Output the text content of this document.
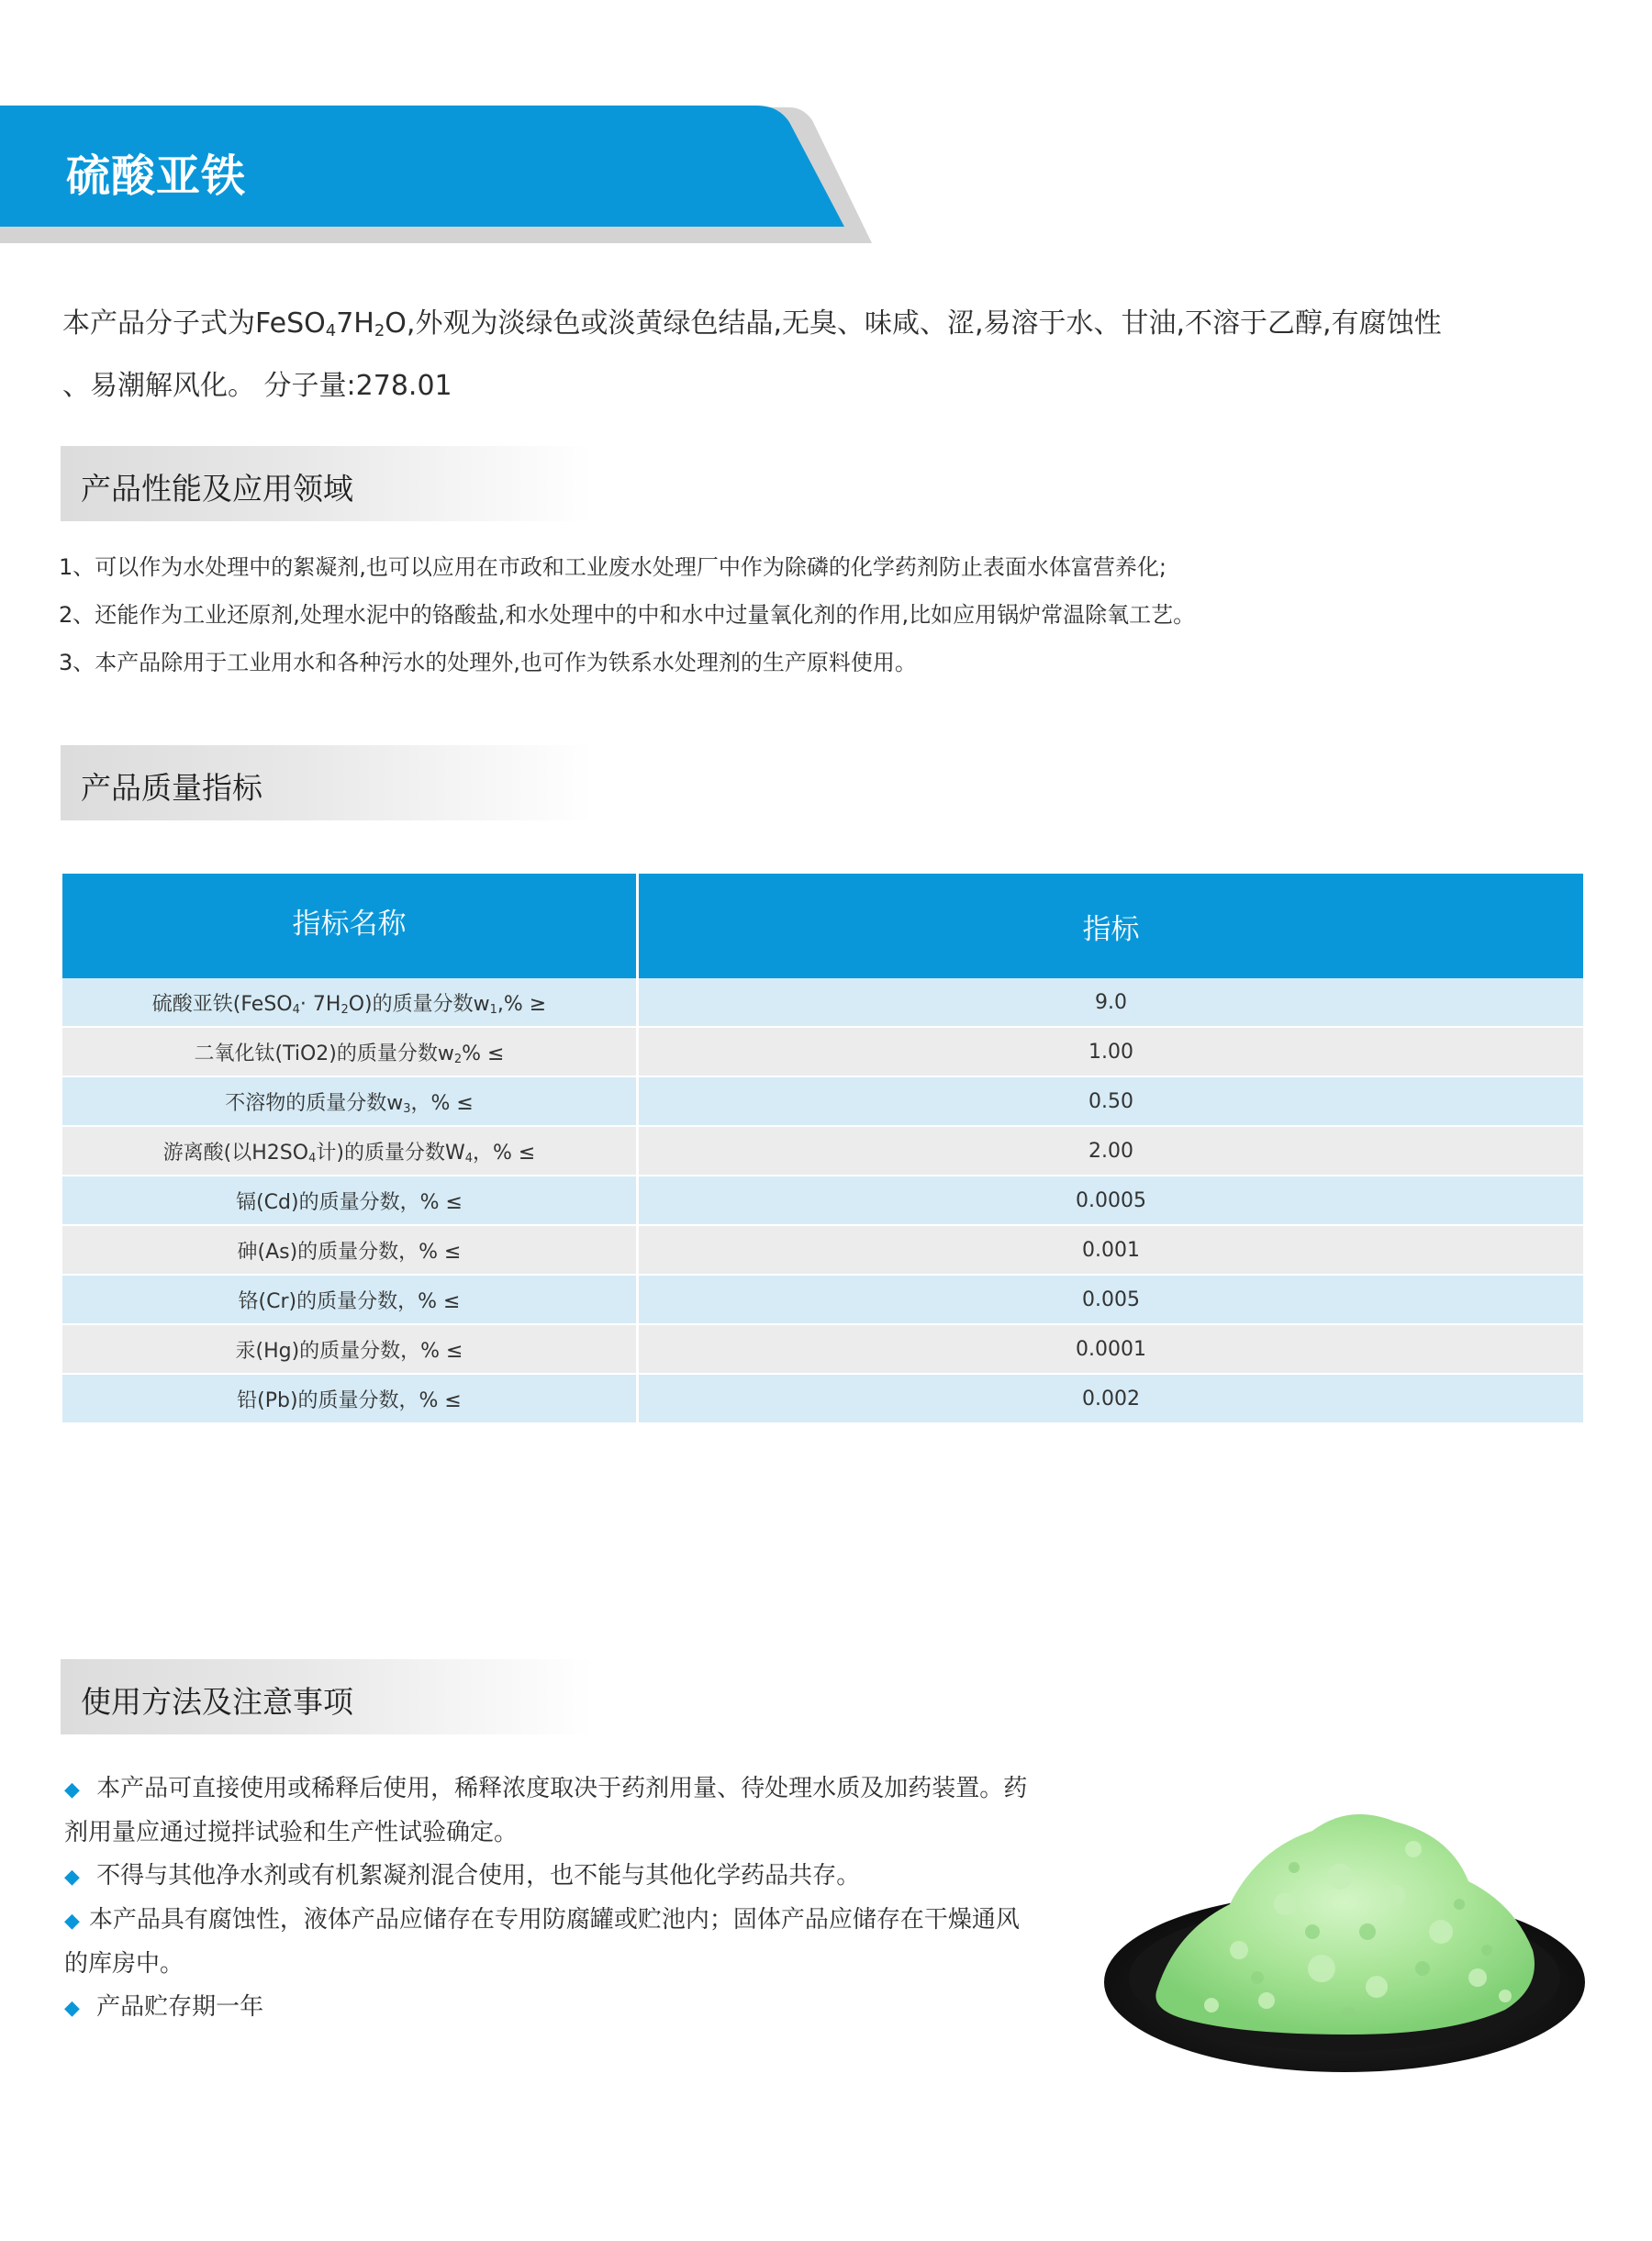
硫酸亚铁
本产品分子式为$FeSO_47H_2O$,外观为淡绿色或淡黄绿色结晶,无臭、味咸、涩,易溶于水、甘油,不溶于乙醇,有腐蚀性
、易潮解风化。 分子量:278.01
产品性能及应用领域
1、可以作为水处理中的絮凝剂,也可以应用在市政和工业废水处理厂中作为除磷的化学药剂防止表面水体富营养化;
2、还能作为工业还原剂,处理水泥中的铬酸盐,和水处理中的中和水中过量氧化剂的作用,比如应用锅炉常温除氧工艺。
3、本产品除用于工业用水和各种污水的处理外,也可作为铁系水处理剂的生产原料使用。
产品质量指标
指标名称	指标
硫酸亚铁(FeSO$_4$· $7H_2O$)的质量分数$w_1,\%$ ≥	9.0
二氧化钛(TiO2)的质量分数$w_2\%$ ≤	1.00
不溶物的质量分数$w_3$，% ≤	0.50
游离酸(以$H2SO_4$计)的质量分数$W_4$，% ≤	2.00
镉(Cd)的质量分数，% ≤	0.0005
砷(As)的质量分数，% ≤	0.001
铬(Cr)的质量分数，% ≤	0.005
汞(Hg)的质量分数，% ≤	0.0001
铅(Pb)的质量分数，% ≤	0.002
使用方法及注意事项
◆ 本产品可直接使用或稀释后使用，稀释浓度取决于药剂用量、待处理水质及加药装置。药
剂用量应通过搅拌试验和生产性试验确定。
◆ 不得与其他净水剂或有机絮凝剂混合使用，也不能与其他化学药品共存。
◆ 本产品具有腐蚀性，液体产品应储存在专用防腐罐或贮池内；固体产品应储存在干燥通风
的库房中。
◆ 产品贮存期一年
